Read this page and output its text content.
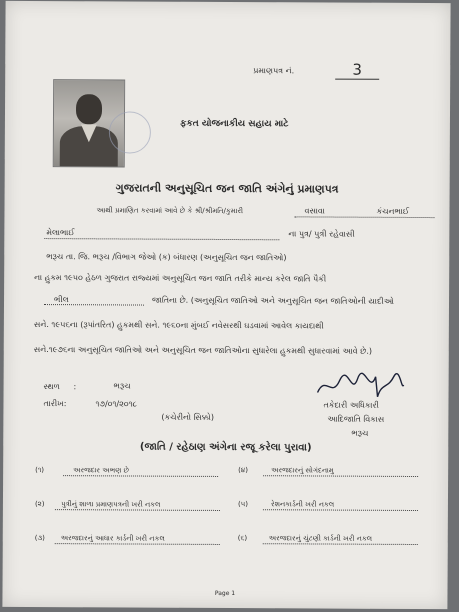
પ્રમાણપત્ર નં.	3
ફકત યોજનાકીય સહાય માટે
ગુજરાતની અનુસૂચિત જન જાતિ અંગેનું પ્રમાણપત્ર
આથી પ્રમાણિત કરવામાં આવે છે કે શ્રી/શ્રીમતિ/કુમારી	વસાવા	કંચનભાઈ
મેલાભાઈ	ના પુત્ર/ પુત્રી રહેવાસી
ભરૂચ તા. જિ. ભરૂચ /વિભાગ જેઓ (ક) બંધારણ (અનુસૂચિત જન જાતિઓ)
ના હુકમ ૧૯૫૦ હેઠળ ગુજરાત રાજ્યમાં અનુસૂચિત જન જાતિ તરીકે માન્ય કરેલ જાતિ પૈકી
ભીલ	જાતિના છે. (અનુસૂચિત જાતિઓ અને અનુસૂચિત જન જાતિઓની યાદીઓ
સને. ૧૯૫૬ના (રૂપાંતરિત) હુકમથી સને. ૧૯૬૦ના મુંબઈ નવેસરથી ઘડવામાં આવેલ કાયદાથી
સને.૧૯૭૬ના અનુસૂચિત જાતિઓ અને અનુસૂચિત જન જાતિઓના સુધારેલા હુકમથી સુધારવામાં આવે છે.)
સ્થળ :	ભરૂચ
તારીખ:	૧૭/૦૧/૨૦૧૮	તકેદારી અધિકારી
આદિજાતિ વિકાસ
ભરૂચ
(કચેરીનો સિક્કો)
(જાતિ / રહેઠાણ અંગેના રજૂ કરેલા પુરાવા)
(૧)	અરજદાર અભણ છે	(૪)	અરજદારનું સોગંદનામુ
(૨) પુત્રીનું શાળા પ્રમાણપત્રની ખરી નકલ	(૫)	રેશનકાર્ડની ખરી નકલ
(૩) અરજદારનું આધાર કાર્ડની ખરી નકલ	(૬)	અરજદારનું ચુંટણી કાર્ડની ખરી નકલ
Page 1
